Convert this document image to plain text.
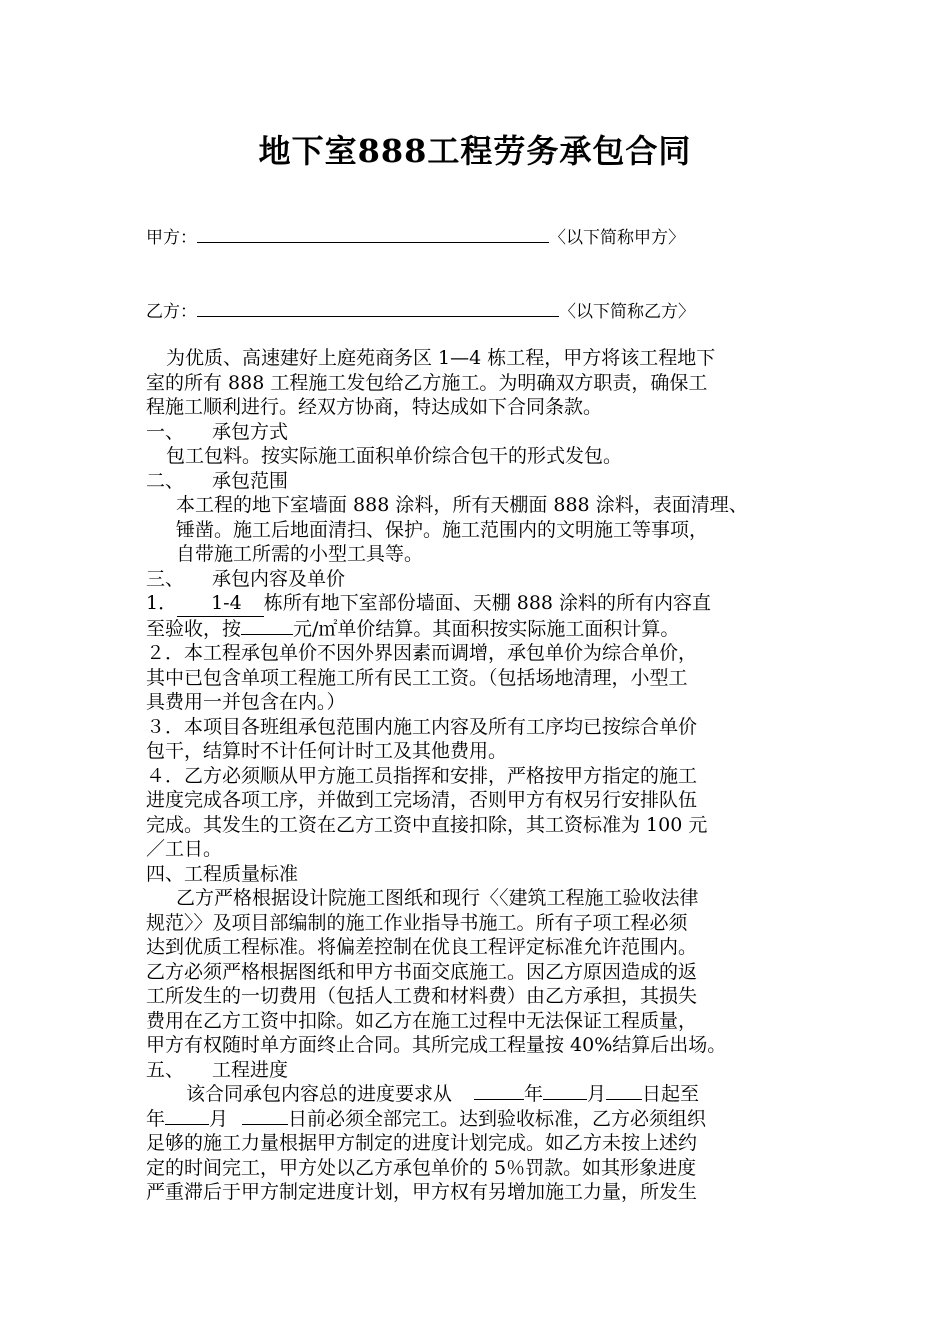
地下室888工程劳务承包合同
甲方：	〈以下简称甲方〉
乙方：	〈以下简称乙方〉

为优质、高速建好上庭苑商务区 1—4 栋工程，甲方将该工程地下

室的所有 888 工程施工发包给乙方施工。为明确双方职责，确保工

程施工顺利进行。经双方协商，特达成如下合同条款。

一、 承包方式

包工包料。按实际施工面积单价综合包干的形式发包。

二、 承包范围

本工程的地下室墙面 888 涂料，所有天棚面 888 涂料，表面清理、

锤凿。施工后地面清扫、保护。施工范围内的文明施工等事项，

自带施工所需的小型工具等。

三、 承包内容及单价

1． 1-4 栋所有地下室部份墙面、天棚 888 涂料的所有内容直

至验收，按	元/㎡单价结算。其面积按实际施工面积计算。

２．本工程承包单价不因外界因素而调增，承包单价为综合单价，

其中已包含单项工程施工所有民工工资。（包括场地清理，小型工

具费用一并包含在内。）

３．本项目各班组承包范围内施工内容及所有工序均已按综合单价

包干，结算时不计任何计时工及其他费用。

４．乙方必须顺从甲方施工员指挥和安排，严格按甲方指定的施工

进度完成各项工序，并做到工完场清，否则甲方有权另行安排队伍

完成。其发生的工资在乙方工资中直接扣除，其工资标准为 100 元

／工日。

四、工程质量标准

乙方严格根据设计院施工图纸和现行〈〈建筑工程施工验收法律

规范〉〉及项目部编制的施工作业指导书施工。所有子项工程必须

达到优质工程标准。将偏差控制在优良工程评定标准允许范围内。

乙方必须严格根据图纸和甲方书面交底施工。因乙方原因造成的返

工所发生的一切费用（包括人工费和材料费）由乙方承担，其损失

费用在乙方工资中扣除。如乙方在施工过程中无法保证工程质量，

甲方有权随时单方面终止合同。其所完成工程量按 40%结算后出场。

五、 工程进度

该合同承包内容总的进度要求从	年 月 日起至

年 月	日前必须全部完工。达到验收标准，乙方必须组织

足够的施工力量根据甲方制定的进度计划完成。如乙方未按上述约

定的时间完工，甲方处以乙方承包单价的 5％罚款。如其形象进度

严重滞后于甲方制定进度计划，甲方权有另增加施工力量，所发生
